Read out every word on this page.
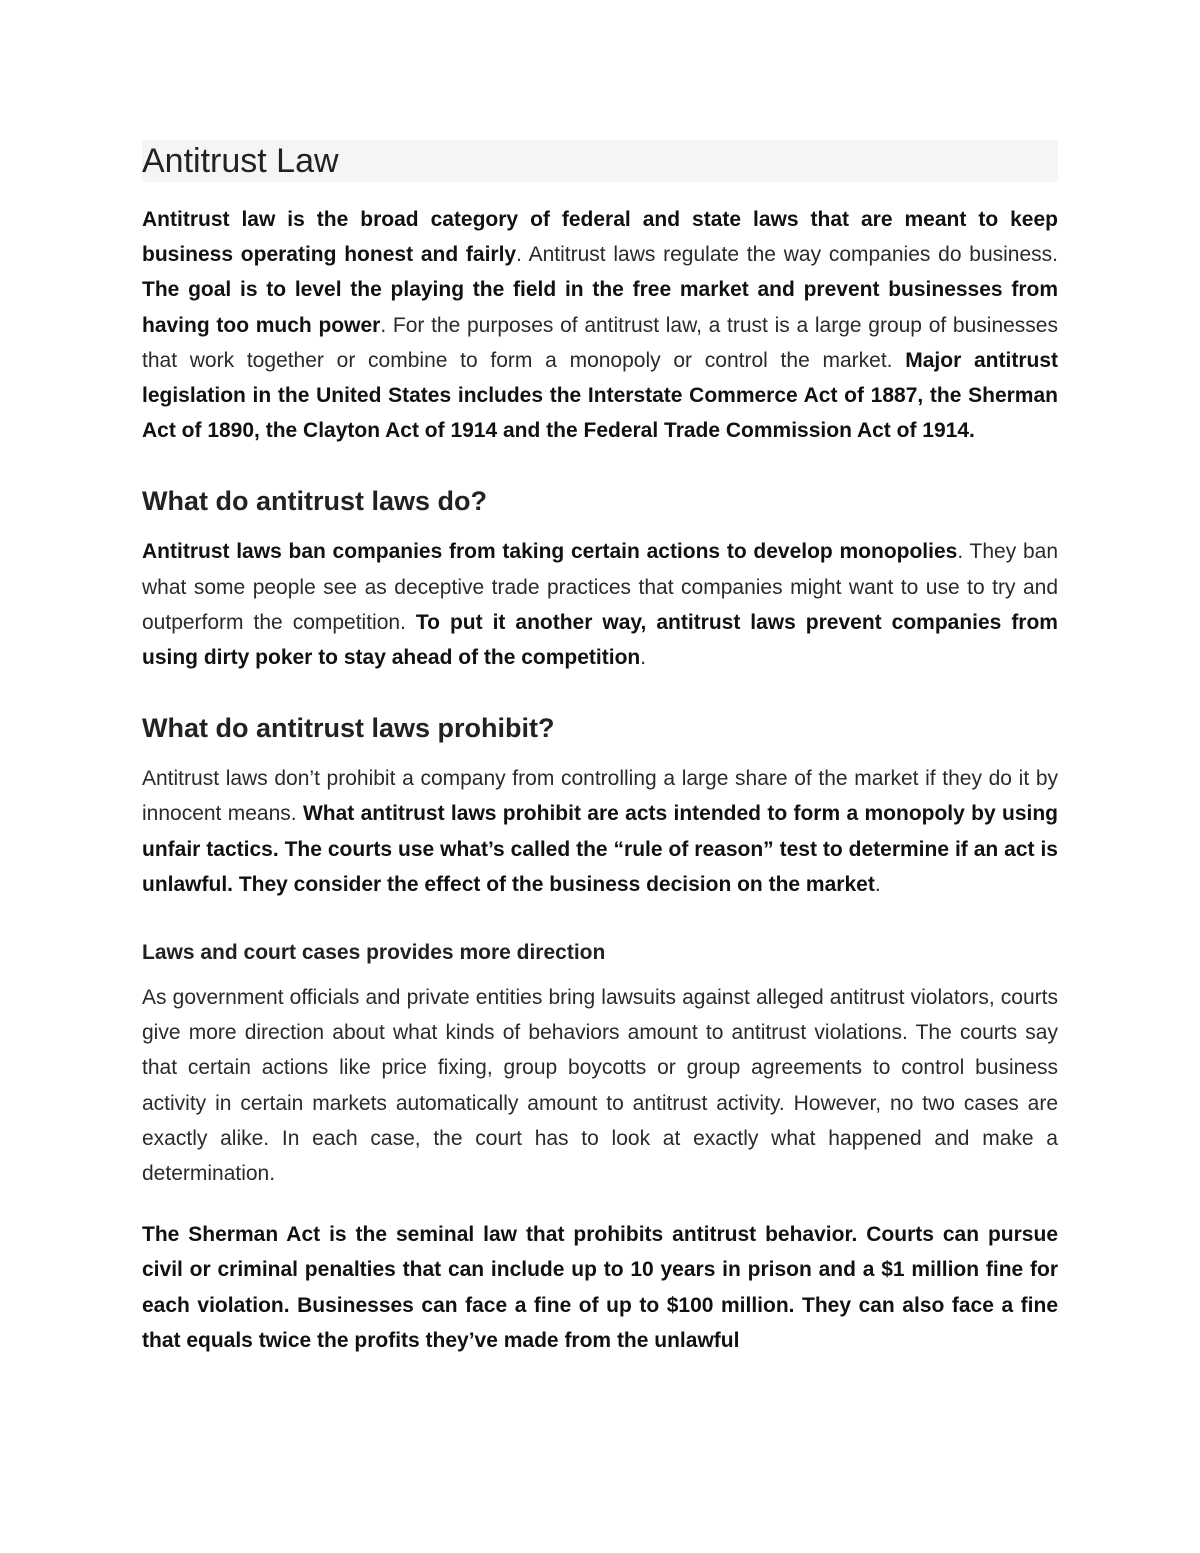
Antitrust Law

Antitrust law is the broad category of federal and state laws that are meant to keep business operating honest and fairly. Antitrust laws regulate the way companies do business. The goal is to level the playing the field in the free market and prevent businesses from having too much power. For the purposes of antitrust law, a trust is a large group of businesses that work together or combine to form a monopoly or control the market. Major antitrust legislation in the United States includes the Interstate Commerce Act of 1887, the Sherman Act of 1890, the Clayton Act of 1914 and the Federal Trade Commission Act of 1914.

What do antitrust laws do?

Antitrust laws ban companies from taking certain actions to develop monopolies. They ban what some people see as deceptive trade practices that companies might want to use to try and outperform the competition. To put it another way, antitrust laws prevent companies from using dirty poker to stay ahead of the competition.

What do antitrust laws prohibit?

Antitrust laws don’t prohibit a company from controlling a large share of the market if they do it by innocent means. What antitrust laws prohibit are acts intended to form a monopoly by using unfair tactics. The courts use what’s called the “rule of reason” test to determine if an act is unlawful. They consider the effect of the business decision on the market.

Laws and court cases provides more direction

As government officials and private entities bring lawsuits against alleged antitrust violators, courts give more direction about what kinds of behaviors amount to antitrust violations. The courts say that certain actions like price fixing, group boycotts or group agreements to control business activity in certain markets automatically amount to antitrust activity. However, no two cases are exactly alike. In each case, the court has to look at exactly what happened and make a determination.

The Sherman Act is the seminal law that prohibits antitrust behavior. Courts can pursue civil or criminal penalties that can include up to 10 years in prison and a $1 million fine for each violation. Businesses can face a fine of up to $100 million. They can also face a fine that equals twice the profits they’ve made from the unlawful
